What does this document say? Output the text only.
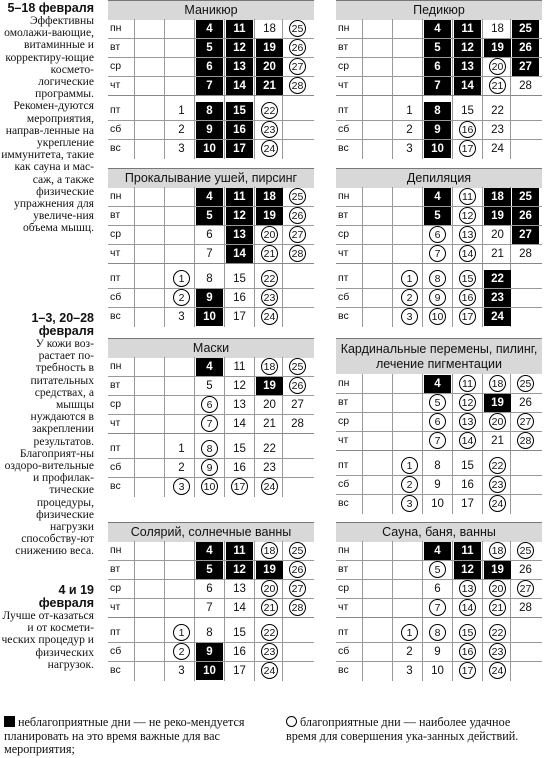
5–18 февраля
Эффективны омолажи-вающие, витаминные и корректиру-ющие космето-логические программы. Рекомен-дуются мероприятия, направ-ленные на укрепление иммунитета, такие как сауна и мас-саж, а также физические упражнения для увеличе-ния объема мышц.
1–3, 20–28 февраля
У кожи воз-растает по-требность в питательных средствах, а мышцы нуждаются в закреплении результатов. Благоприят-ны оздоро-вительные и профилак-тические процедуры, физические нагрузки способству-ют снижению веса.
4 и 19 февраля
Лучше от-казаться и от космети-ческих процедур и физических нагрузок.
Маникюр
пн	4	11	18	25
вт	5	12	19	26
ср	6	13	20	27
чт	7	14	21	28
пт	1	8	15	22
сб	2	9	16	23
вс	3	10	17	24
Педикюр
пн	4	11	18	25
вт	5	12	19	26
ср	6	13	20	27
чт	7	14	21	28
пт	1	8	15	22
сб	2	9	16	23
вс	3	10	17	24
Прокалывание ушей, пирсинг
пн	4	11	18	25
вт	5	12	19	26
ср	6	13	20	27
чт	7	14	21	28
пт	1	8	15	22
сб	2	9	16	23
вс	3	10	17	24
Депиляция
пн	4	11	18	25
вт	5	12	19	26
ср	6	13	20	27
чт	7	14	21	28
пт	1	8	15	22
сб	2	9	16	23
вс	3	10	17	24
Маски
пн	4	11	18	25
вт	5	12	19	26
ср	6	13	20	27
чт	7	14	21	28
пт	1	8	15	22
сб	2	9	16	23
вс	3	10	17	24
Кардинальные перемены, пилинг, лечение пигментации
пн	4	11	18	25
вт	5	12	19	26
ср	6	13	20	27
чт	7	14	21	28
пт	1	8	15	22
сб	2	9	16	23
вс	3	10	17	24
Солярий, солнечные ванны
пн	4	11	18	25
вт	5	12	19	26
ср	6	13	20	27
чт	7	14	21	28
пт	1	8	15	22
сб	2	9	16	23
вс	3	10	17	24
Сауна, баня, ванны
пн	4	11	18	25
вт	5	12	19	26
ср	6	13	20	27
чт	7	14	21	28
пт	1	8	15	22
сб	2	9	16	23
вс	3	10	17	24
неблагоприятные дни — не реко-мендуется планировать на это время важные для вас мероприятия;
благоприятные дни — наиболее удачное время для совершения ука-занных действий.
